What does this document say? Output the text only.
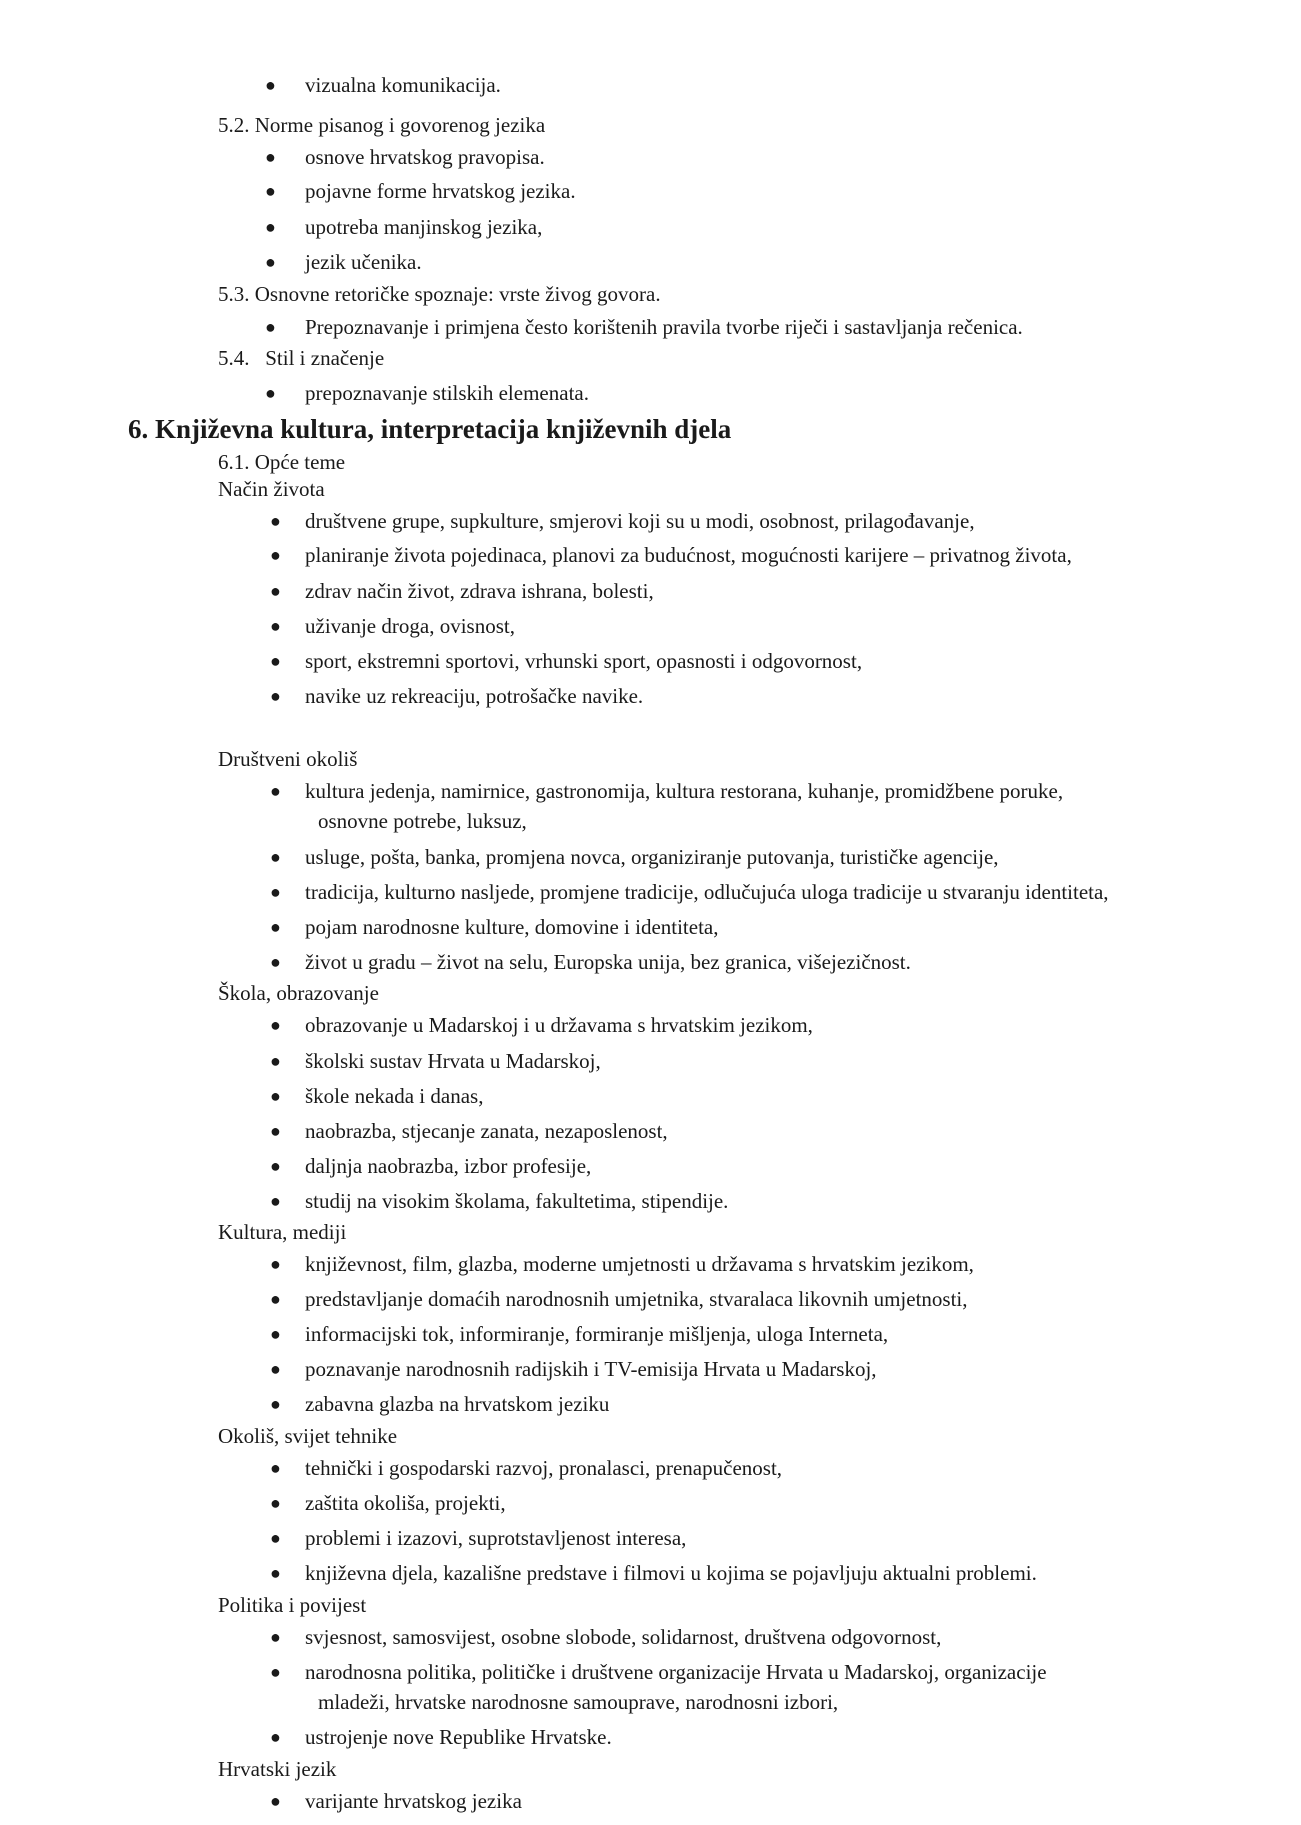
● vizualna komunikacija.
5.2. Norme pisanog i govorenog jezika
● osnove hrvatskog pravopisa.
● pojavne forme hrvatskog jezika.
● upotreba manjinskog jezika,
● jezik učenika.
5.3. Osnovne retoričke spoznaje: vrste živog govora.
● Prepoznavanje i primjena često korištenih pravila tvorbe riječi i sastavljanja rečenica.
5.4.   Stil i značenje
● prepoznavanje stilskih elemenata.
6. Književna kultura, interpretacija književnih djela
6.1. Opće teme
Način života
● društvene grupe, supkulture, smjerovi koji su u modi, osobnost, prilagođavanje,
● planiranje života pojedinaca, planovi za budućnost, mogućnosti karijere – privatnog života,
● zdrav način život, zdrava ishrana, bolesti,
● uživanje droga, ovisnost,
● sport, ekstremni sportovi, vrhunski sport, opasnosti i odgovornost,
● navike uz rekreaciju, potrošačke navike.
Društveni okoliš
● kultura jedenja, namirnice, gastronomija, kultura restorana, kuhanje, promidžbene poruke,
osnovne potrebe, luksuz,
● usluge, pošta, banka, promjena novca, organiziranje putovanja, turističke agencije,
● tradicija, kulturno nasljede, promjene tradicije, odlučujuća uloga tradicije u stvaranju identiteta,
● pojam narodnosne kulture, domovine i identiteta,
● život u gradu – život na selu, Europska unija, bez granica, višejezičnost.
Škola, obrazovanje
● obrazovanje u Madarskoj i u državama s hrvatskim jezikom,
● školski sustav Hrvata u Madarskoj,
● škole nekada i danas,
● naobrazba, stjecanje zanata, nezaposlenost,
● daljnja naobrazba, izbor profesije,
● studij na visokim školama, fakultetima, stipendije.
Kultura, mediji
● književnost, film, glazba, moderne umjetnosti u državama s hrvatskim jezikom,
● predstavljanje domaćih narodnosnih umjetnika, stvaralaca likovnih umjetnosti,
● informacijski tok, informiranje, formiranje mišljenja, uloga Interneta,
● poznavanje narodnosnih radijskih i TV-emisija Hrvata u Madarskoj,
● zabavna glazba na hrvatskom jeziku
Okoliš, svijet tehnike
● tehnički i gospodarski razvoj, pronalasci, prenapučenost,
● zaštita okoliša, projekti,
● problemi i izazovi, suprotstavljenost interesa,
● književna djela, kazališne predstave i filmovi u kojima se pojavljuju aktualni problemi.
Politika i povijest
● svjesnost, samosvijest, osobne slobode, solidarnost, društvena odgovornost,
● narodnosna politika, političke i društvene organizacije Hrvata u Madarskoj, organizacije
mladeži, hrvatske narodnosne samouprave, narodnosni izbori,
● ustrojenje nove Republike Hrvatske.
Hrvatski jezik
● varijante hrvatskog jezika
